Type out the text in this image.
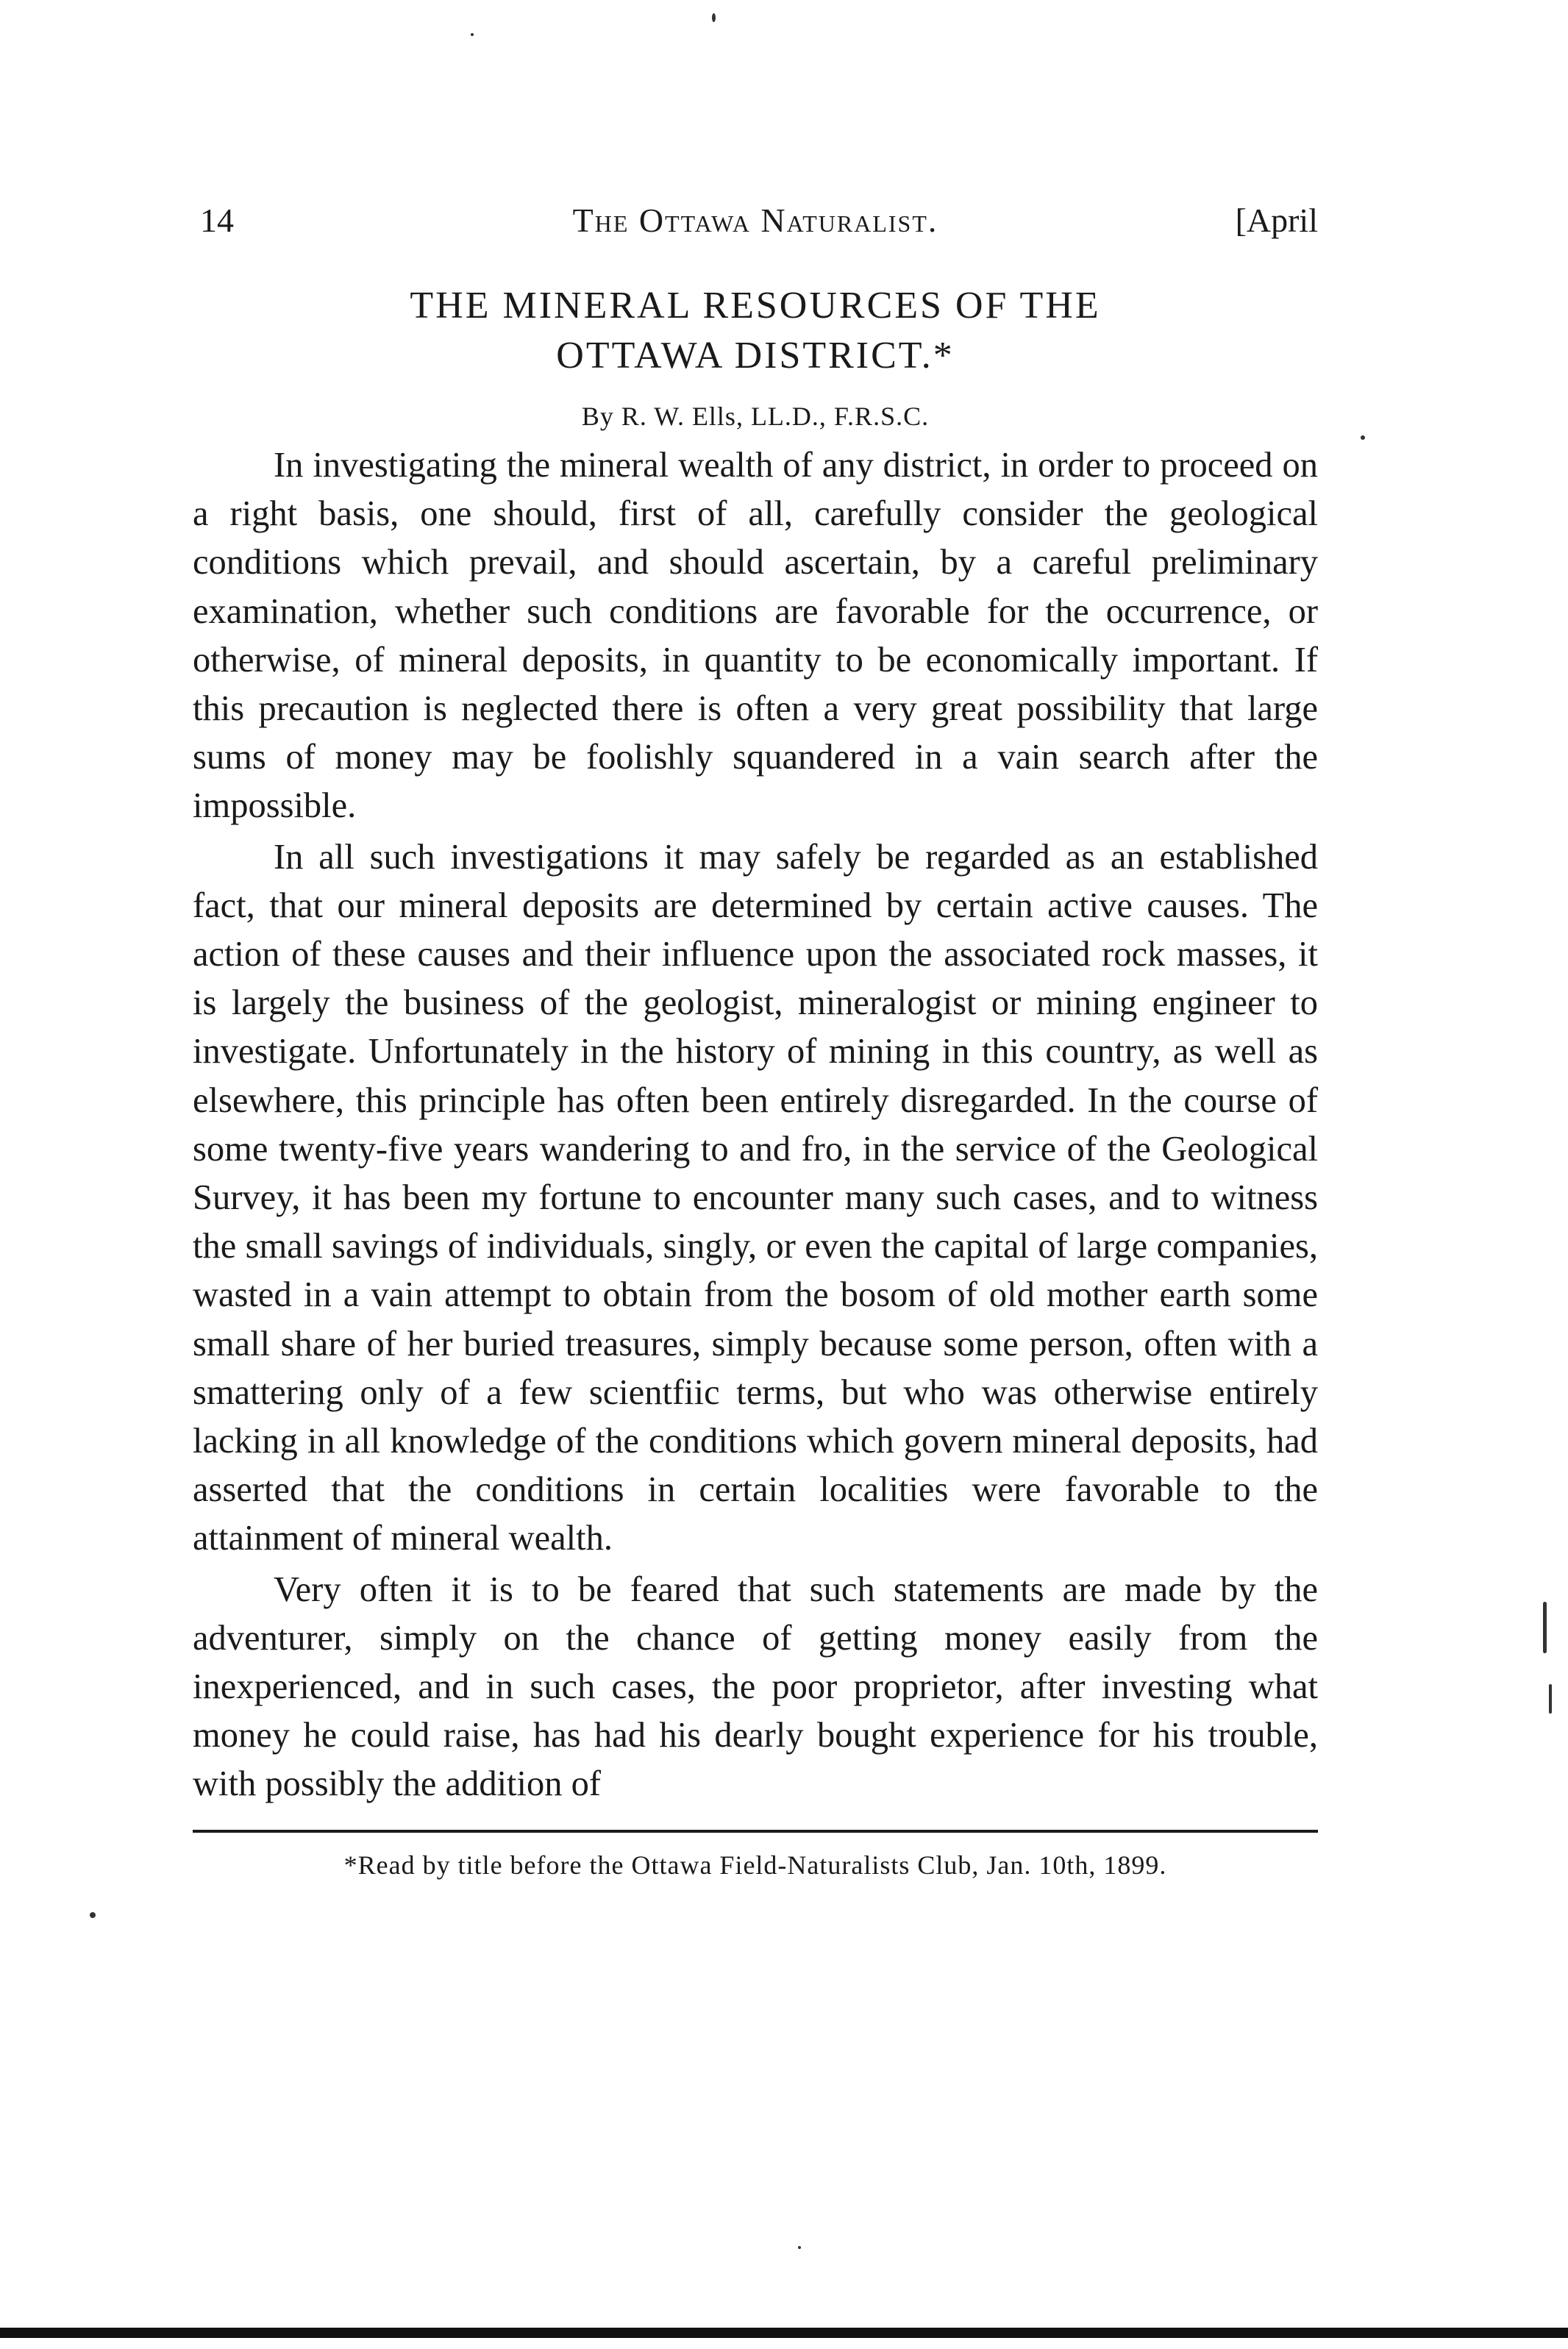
14	The Ottawa Naturalist.	[April
THE MINERAL RESOURCES OF THE
OTTAWA DISTRICT.*
By R. W. Ells, LL.D., F.R.S.C.

In investigating the mineral wealth of any district, in order to proceed on a right basis, one should, first of all, carefully consider the geological conditions which prevail, and should ascertain, by a careful preliminary examination, whether such conditions are favorable for the occurrence, or otherwise, of mineral deposits, in quantity to be economically important. If this precaution is neglected there is often a very great possibility that large sums of money may be foolishly squandered in a vain search after the impossible.

In all such investigations it may safely be regarded as an established fact, that our mineral deposits are determined by certain active causes. The action of these causes and their influence upon the associated rock masses, it is largely the business of the geologist, mineralogist or mining engineer to investigate. Unfortunately in the history of mining in this country, as well as elsewhere, this principle has often been entirely disregarded. In the course of some twenty-five years wandering to and fro, in the service of the Geological Survey, it has been my fortune to encounter many such cases, and to witness the small savings of individuals, singly, or even the capital of large companies, wasted in a vain attempt to obtain from the bosom of old mother earth some small share of her buried treasures, simply because some person, often with a smattering only of a few scientfiic terms, but who was otherwise entirely lacking in all knowledge of the conditions which govern mineral deposits, had asserted that the conditions in certain localities were favorable to the attainment of mineral wealth.

Very often it is to be feared that such statements are made by the adventurer, simply on the chance of getting money easily from the inexperienced, and in such cases, the poor proprietor, after investing what money he could raise, has had his dearly bought experience for his trouble, with possibly the addition of

*Read by title before the Ottawa Field-Naturalists Club, Jan. 10th, 1899.
